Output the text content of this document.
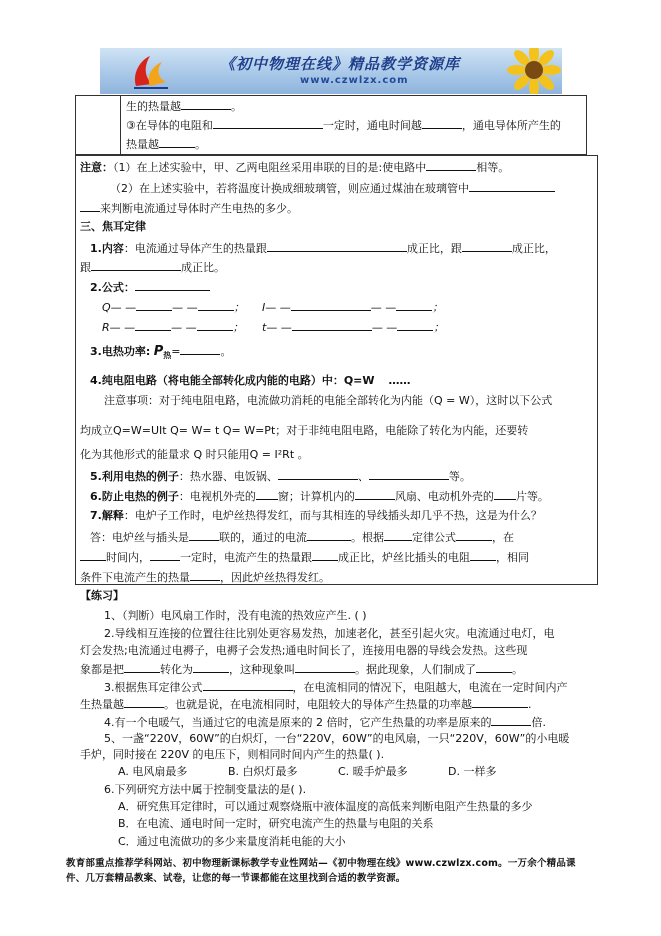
《初中物理在线》精品教学资源库
www.czwlzx.com
生的热量越	。
③在导体的电阻和	一定时，通电时间越	，通电导体所产生的
热量越	。
注意：（1）在上述实验中，甲、乙两电阻丝采用串联的目的是:使电路中	相等。
（2）在上述实验中，若将温度计换成细玻璃管，则应通过煤油在玻璃管中
来判断电流通过导体时产生电热的多少。
三、焦耳定律
1.内容：电流通过导体产生的热量跟	成正比，跟	成正比，
跟	成正比。
2.公式：
Q— —	— —	； I— —	— —	；
R— —	— —	； t— —	— —	；
3.电热功率: $P_热=$	。
4.纯电阻电路（将电能全部转化成内能的电路）中：Q=W ……
注意事项：对于纯电阻电路，电流做功消耗的电能全部转化为内能（Q = W），这时以下公式
均成立Q=W=UIt Q= W= t Q= W=Pt；对于非纯电阻电路，电能除了转化为内能，还要转
化为其他形式的能量求 Q 时只能用Q = I²Rt 。
5.利用电热的例子：热水器、电饭锅、	、	等。
6.防止电热的例子：电视机外壳的 窗；计算机内的	风扇、电动机外壳的 片等。
7.解释：电炉子工作时，电炉丝热得发红，而与其相连的导线插头却几乎不热，这是为什么？
答：电炉丝与插头是	联的，通过的电流	。根据	定律公式	，在
时间内，	一定时，电流产生的热量跟 成正比，炉丝比插头的电阻 ，相同
条件下电流产生的热量	，因此炉丝热得发红。
【练习】
1、（判断）电风扇工作时，没有电流的热效应产生. ( )
2.导线相互连接的位置往往比别处更容易发热，加速老化，甚至引起火灾。电流通过电灯，电
灯会发热;电流通过电褥子，电褥子会发热;通电时间长了，连接用电器的导线会发热。这些现
象都是把	转化为	，这种现象叫	。据此现象，人们制成了	。
3.根据焦耳定律公式	，在电流相同的情况下，电阻越大，电流在一定时间内产
生热量越	。也就是说，在电流相同时，电阻较大的导体产生热量的功率越	.
4.有一个电暖气，当通过它的电流是原来的 2 倍时，它产生热量的功率是原来的	倍.
5、一盏“220V，60W”的白炽灯，一台“220V，60W”的电风扇，一只“220V，60W”的小电暖
手炉，同时接在 220V 的电压下，则相同时间内产生的热量( ).
A. 电风扇最多	B. 白炽灯最多	C. 暖手炉最多	D. 一样多
6.下列研究方法中属于控制变量法的是( ).
A．研究焦耳定律时，可以通过观察烧瓶中液体温度的高低来判断电阻产生热量的多少
B．在电流、通电时间一定时，研究电流产生的热量与电阻的关系
C．通过电流做功的多少来量度消耗电能的大小
教育部重点推荐学科网站、初中物理新课标教学专业性网站—《初中物理在线》www.czwlzx.com。一万余个精品课
件、几万套精品教案、试卷，让您的每一节课都能在这里找到合适的教学资源。
